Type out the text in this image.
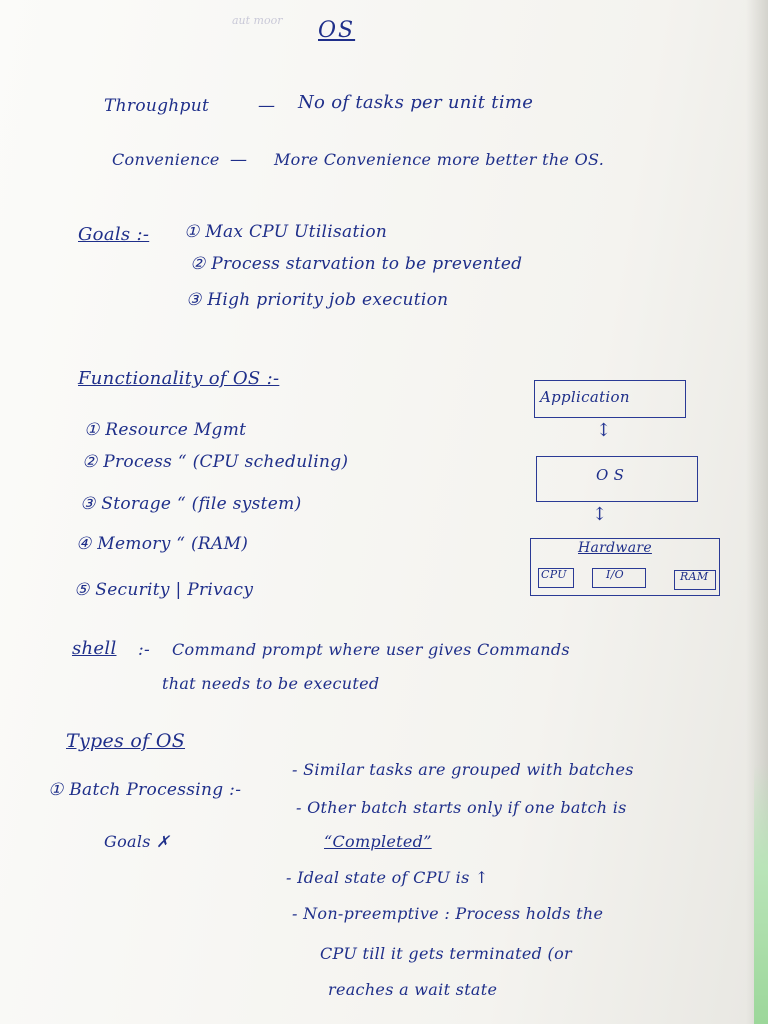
aut moor OS
Throughput	— No of tasks per unit time
Convenience — More Convenience more better the OS.
Goals :- ① Max CPU Utilisation
② Process starvation to be prevented
③ High priority job execution
Functionality of OS :-
① Resource Mgmt
② Process “ (CPU scheduling)
③ Storage “ (file system)
④ Memory “ (RAM)
⑤ Security | Privacy
Application
↕
O S
↕
Hardware
CPU	I/O	RAM
shell :- Command prompt where user gives Commands
that needs to be executed
Types of OS
① Batch Processing :-
Goals ✗
- Similar tasks are grouped with batches
- Other batch starts only if one batch is
“Completed”
- Ideal state of CPU is ↑
- Non-preemptive : Process holds the
CPU till it gets terminated (or
reaches a wait state
